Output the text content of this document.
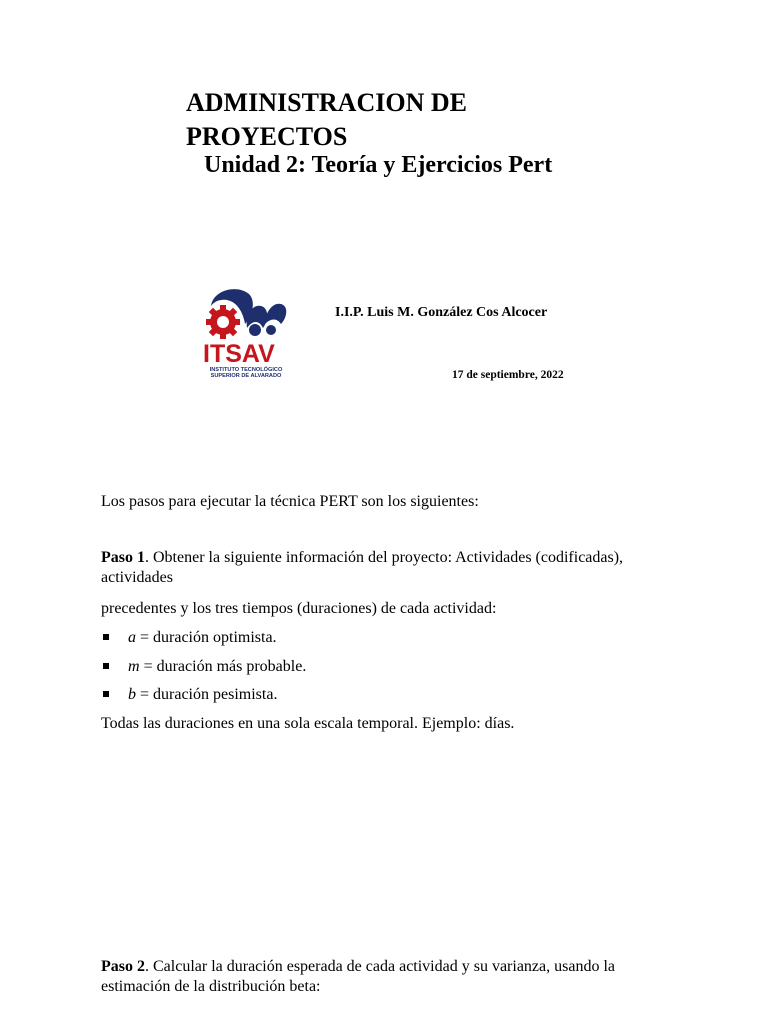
ADMINISTRACION DE PROYECTOS
Unidad 2: Teoría y Ejercicios Pert
ITSAV
INSTITUTO TECNOLÓGICO
SUPERIOR DE ALVARADO
I.I.P. Luis M. González Cos Alcocer
17 de septiembre, 2022

Los pasos para ejecutar la técnica PERT son los siguientes:

Paso 1. Obtener la siguiente información del proyecto: Actividades (codificadas), actividades

precedentes y los tres tiempos (duraciones) de cada actividad:

a = duración optimista.
m = duración más probable.
b = duración pesimista.

Todas las duraciones en una sola escala temporal. Ejemplo: días.

Paso 2. Calcular la duración esperada de cada actividad y su varianza, usando la estimación de la distribución beta:
